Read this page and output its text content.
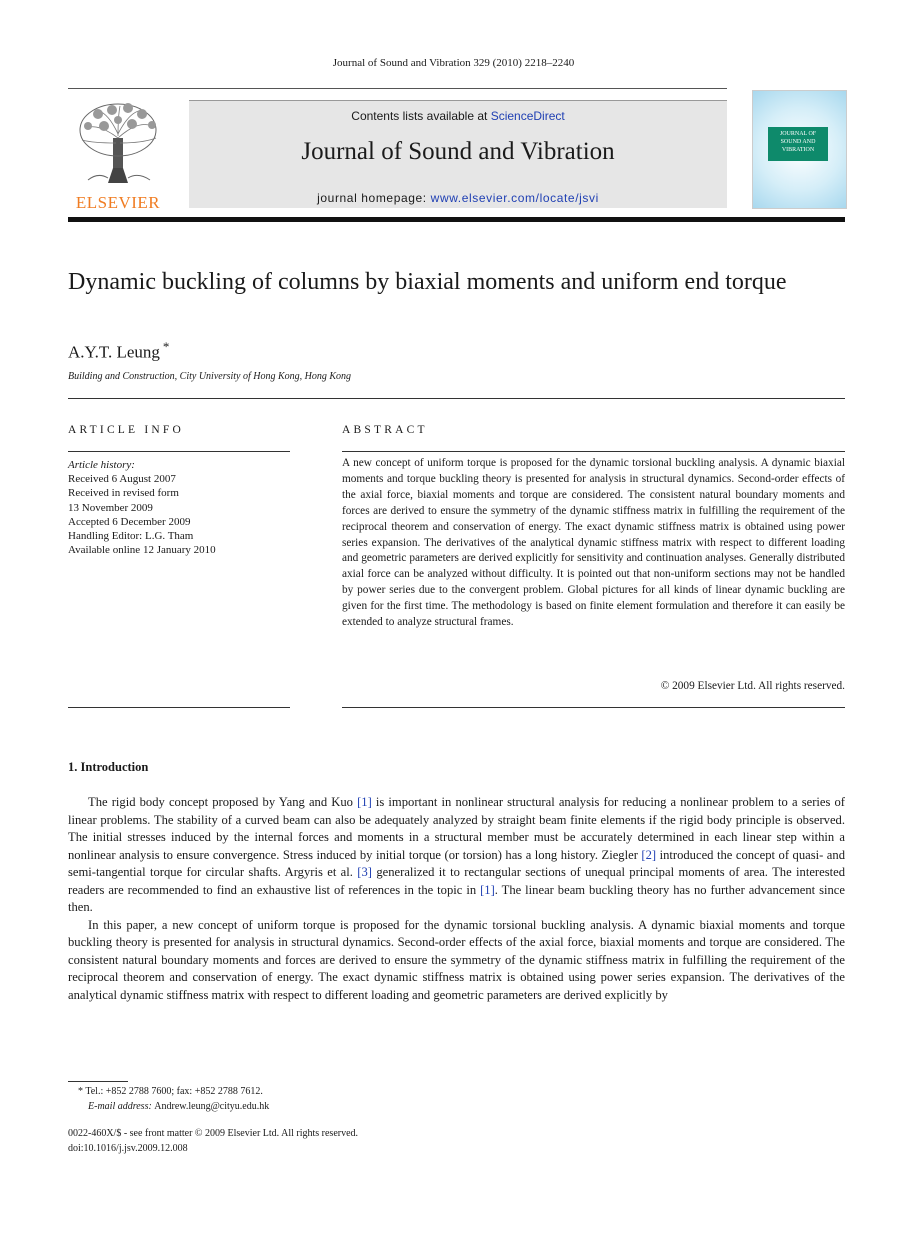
Journal of Sound and Vibration 329 (2010) 2218–2240
ELSEVIER
Contents lists available at ScienceDirect
Journal of Sound and Vibration
journal homepage: www.elsevier.com/locate/jsvi
JOURNAL OF
SOUND AND
VIBRATION
Dynamic buckling of columns by biaxial moments and uniform end torque
A.Y.T. Leung *
Building and Construction, City University of Hong Kong, Hong Kong
ARTICLE INFO
Article history:
Received 6 August 2007
Received in revised form
13 November 2009
Accepted 6 December 2009
Handling Editor: L.G. Tham
Available online 12 January 2010
ABSTRACT
A new concept of uniform torque is proposed for the dynamic torsional buckling analysis. A dynamic biaxial moments and torque buckling theory is presented for analysis in structural dynamics. Second-order effects of the axial force, biaxial moments and torque are considered. The consistent natural boundary moments and forces are derived to ensure the symmetry of the dynamic stiffness matrix in fulfilling the requirement of the reciprocal theorem and conservation of energy. The exact dynamic stiffness matrix is obtained using power series expansion. The derivatives of the analytical dynamic stiffness matrix with respect to different loading and geometric parameters are derived explicitly for sensitivity and continuation analyses. Generally distributed axial force can be analyzed without difficulty. It is pointed out that non-uniform sections may not be handled by power series due to the convergent problem. Global pictures for all kinds of linear dynamic buckling are given for the first time. The methodology is based on finite element formulation and therefore it can easily be extended to analyze structural frames.
© 2009 Elsevier Ltd. All rights reserved.
1. Introduction

The rigid body concept proposed by Yang and Kuo [1] is important in nonlinear structural analysis for reducing a nonlinear problem to a series of linear problems. The stability of a curved beam can also be adequately analyzed by straight beam finite elements if the rigid body principle is observed. The initial stresses induced by the internal forces and moments in a structural member must be accurately determined in each linear step within a nonlinear analysis to ensure convergence. Stress induced by initial torque (or torsion) has a long history. Ziegler [2] introduced the concept of quasi- and semi-tangential torque for circular shafts. Argyris et al. [3] generalized it to rectangular sections of unequal principal moments of area. The interested readers are recommended to find an exhaustive list of references in the topic in [1]. The linear beam buckling theory has no further advancement since then.

In this paper, a new concept of uniform torque is proposed for the dynamic torsional buckling analysis. A dynamic biaxial moments and torque buckling theory is presented for analysis in structural dynamics. Second-order effects of the axial force, biaxial moments and torque are considered. The consistent natural boundary moments and forces are derived to ensure the symmetry of the dynamic stiffness matrix in fulfilling the requirement of the reciprocal theorem and conservation of energy. The exact dynamic stiffness matrix is obtained using power series expansion. The derivatives of the analytical dynamic stiffness matrix with respect to different loading and geometric parameters are derived explicitly by

* Tel.: +852 2788 7600; fax: +852 2788 7612.
E-mail address: Andrew.leung@cityu.edu.hk
0022-460X/$ - see front matter © 2009 Elsevier Ltd. All rights reserved.
doi:10.1016/j.jsv.2009.12.008
